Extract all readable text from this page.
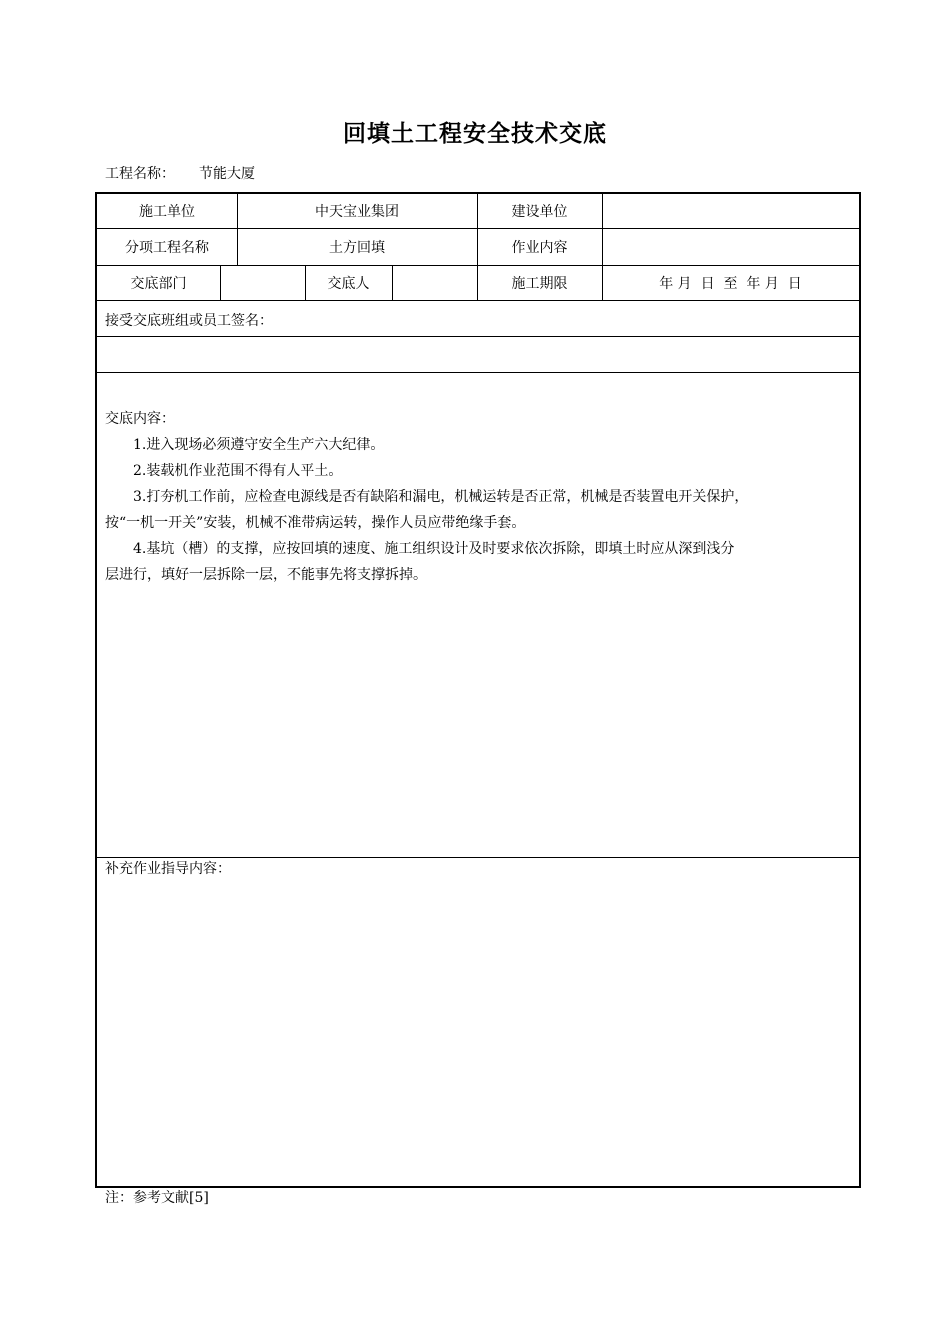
回填土工程安全技术交底
工程名称： 节能大厦
施工单位	中天宝业集团	建设单位
分项工程名称	土方回填	作业内容
交底部门	交底人	施工期限	年 月  日  至  年 月  日
接受交底班组或员工签名：

交底内容：

1.进入现场必须遵守安全生产六大纪律。

2.装载机作业范围不得有人平土。

3.打夯机工作前，应检查电源线是否有缺陷和漏电，机械运转是否正常，机械是否装置电开关保护，

按“一机一开关”安装，机械不准带病运转，操作人员应带绝缘手套。

4.基坑（槽）的支撑，应按回填的速度、施工组织设计及时要求依次拆除，即填土时应从深到浅分

层进行，填好一层拆除一层，不能事先将支撑拆掉。

补充作业指导内容：
注：参考文献[5]
